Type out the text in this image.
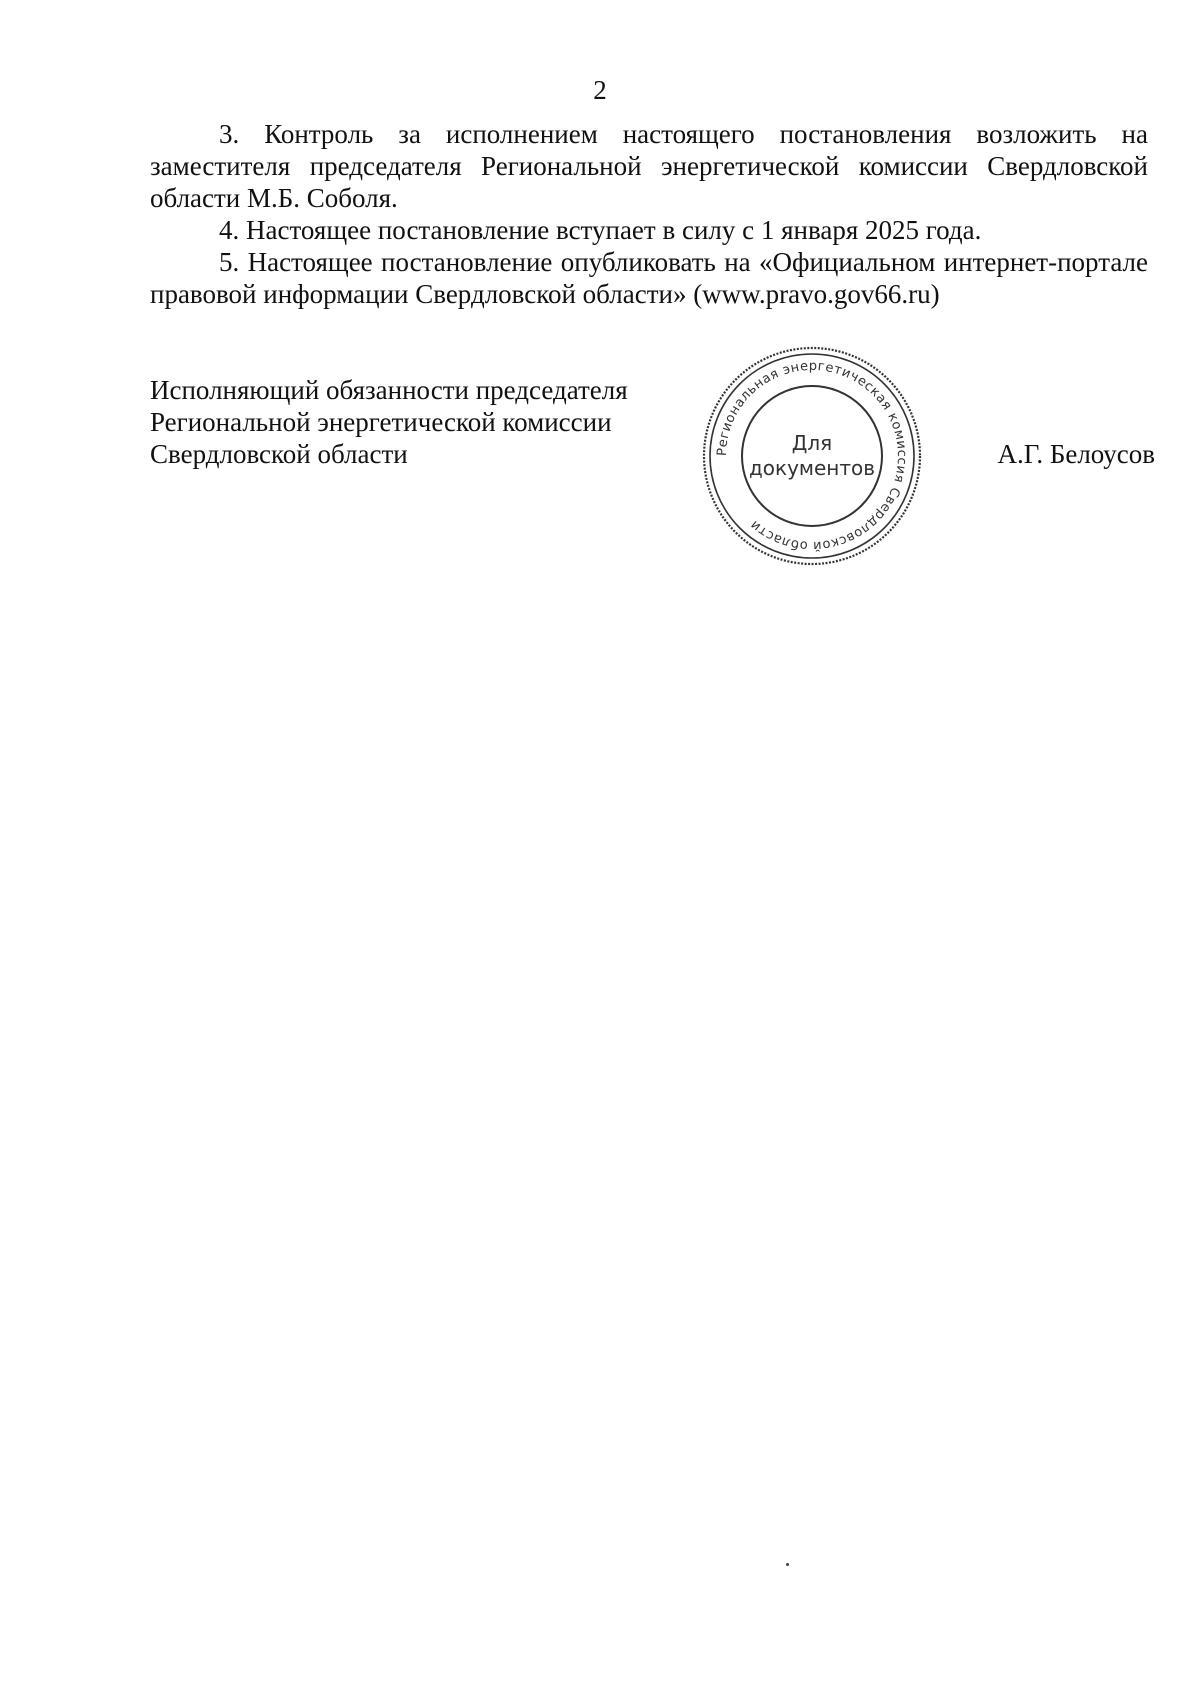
2

3. Контроль за исполнением настоящего постановления возложить на заместителя председателя Региональной энергетической комиссии Свердловской области М.Б. Соболя.

4. Настоящее постановление вступает в силу с 1 января 2025 года.

5. Настоящее постановление опубликовать на «Официальном интернет-портале правовой информации Свердловской области» (www.pravo.gov66.ru)

Исполняющий обязанности председателя
Региональной энергетической комиссии
Свердловской области	Региональная энергетическая комиссия Свердловской области
Для
документов	А.Г. Белоусов
